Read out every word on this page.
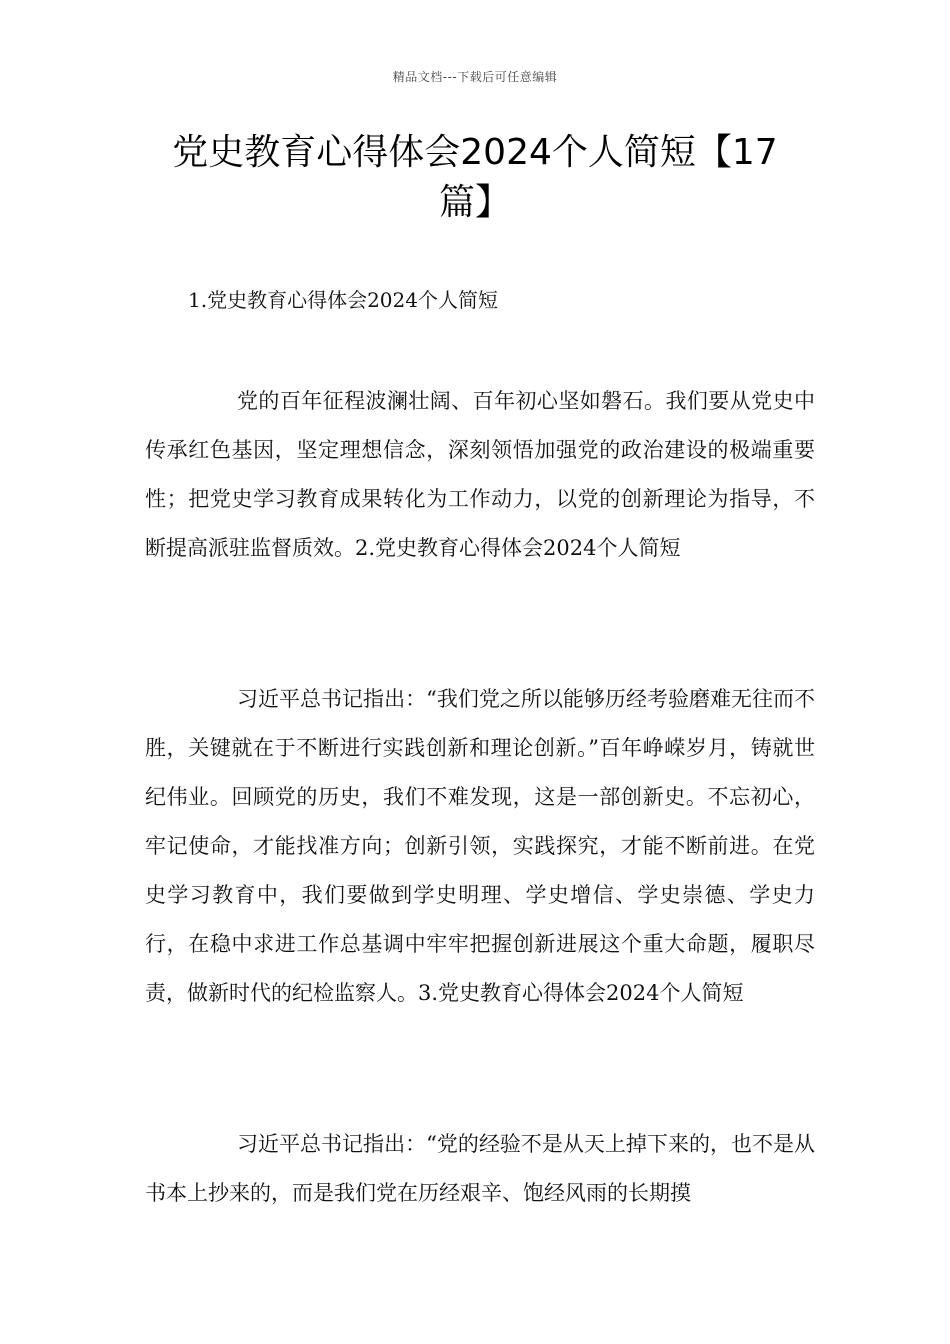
精品文档---下载后可任意编辑
党史教育心得体会2024个人简短【17篇】

1.党史教育心得体会2024个人简短

党的百年征程波澜壮阔、百年初心坚如磐石。我们要从党史中传承红色基因，坚定理想信念，深刻领悟加强党的政治建设的极端重要性；把党史学习教育成果转化为工作动力，以党的创新理论为指导，不断提高派驻监督质效。2.党史教育心得体会2024个人简短

习近平总书记指出：“我们党之所以能够历经考验磨难无往而不胜，关键就在于不断进行实践创新和理论创新。”百年峥嵘岁月，铸就世纪伟业。回顾党的历史，我们不难发现，这是一部创新史。不忘初心，牢记使命，才能找准方向；创新引领，实践探究，才能不断前进。在党史学习教育中，我们要做到学史明理、学史增信、学史崇德、学史力行，在稳中求进工作总基调中牢牢把握创新进展这个重大命题，履职尽责，做新时代的纪检监察人。3.党史教育心得体会2024个人简短

习近平总书记指出：“党的经验不是从天上掉下来的，也不是从书本上抄来的，而是我们党在历经艰辛、饱经风雨的长期摸
